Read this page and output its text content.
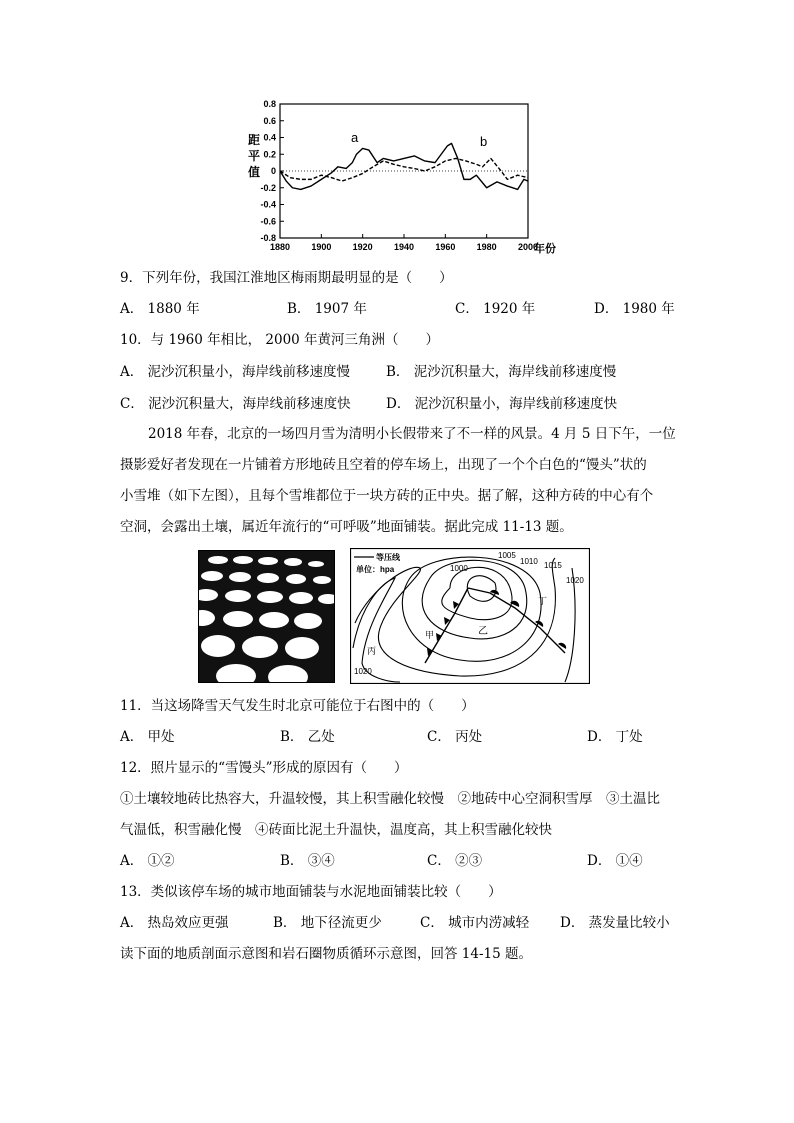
0.8
0.6
0.4
0.2
0
-0.2
-0.4
-0.6
-0.8
1880 1900 1920 1940 1960 1980 2000
距平值
年份
a	b
9．下列年份，我国江淮地区梅雨期最明显的是（　　）
A． 1880 年	B． 1907 年	C． 1920 年	D． 1980 年
10．与 1960 年相比， 2000 年黄河三角洲（　　）
A． 泥沙沉积量小，海岸线前移速度慢	B． 泥沙沉积量大，海岸线前移速度慢
C． 泥沙沉积量大，海岸线前移速度快	D． 泥沙沉积量小，海岸线前移速度快
2018 年春，北京的一场四月雪为清明小长假带来了不一样的风景。4 月 5 日下午，一位
摄影爱好者发现在一片铺着方形地砖且空着的停车场上，出现了一个个白色的“馒头”状的
小雪堆（如下左图），且每个雪堆都位于一块方砖的正中央。据了解，这种方砖的中心有个
空洞，会露出土壤，属近年流行的“可呼吸”地面铺装。据此完成 11-13 题。
等压线
单位：hpa	1000
1005
1010 1015
1020
1020
甲	乙
丙
丁
11．当这场降雪天气发生时北京可能位于右图中的（　　）
A． 甲处	B． 乙处	C． 丙处	D． 丁处
12．照片显示的“雪馒头”形成的原因有（　　）
①土壤较地砖比热容大，升温较慢，其上积雪融化较慢　②地砖中心空洞积雪厚　③土温比
气温低，积雪融化慢　④砖面比泥土升温快，温度高，其上积雪融化较快
A． ①②	B． ③④	C． ②③	D． ①④
13．类似该停车场的城市地面铺装与水泥地面铺装比较（　　）
A． 热岛效应更强	B． 地下径流更少	C． 城市内涝减轻 D． 蒸发量比较小
读下面的地质剖面示意图和岩石圈物质循环示意图，回答 14-15 题。
